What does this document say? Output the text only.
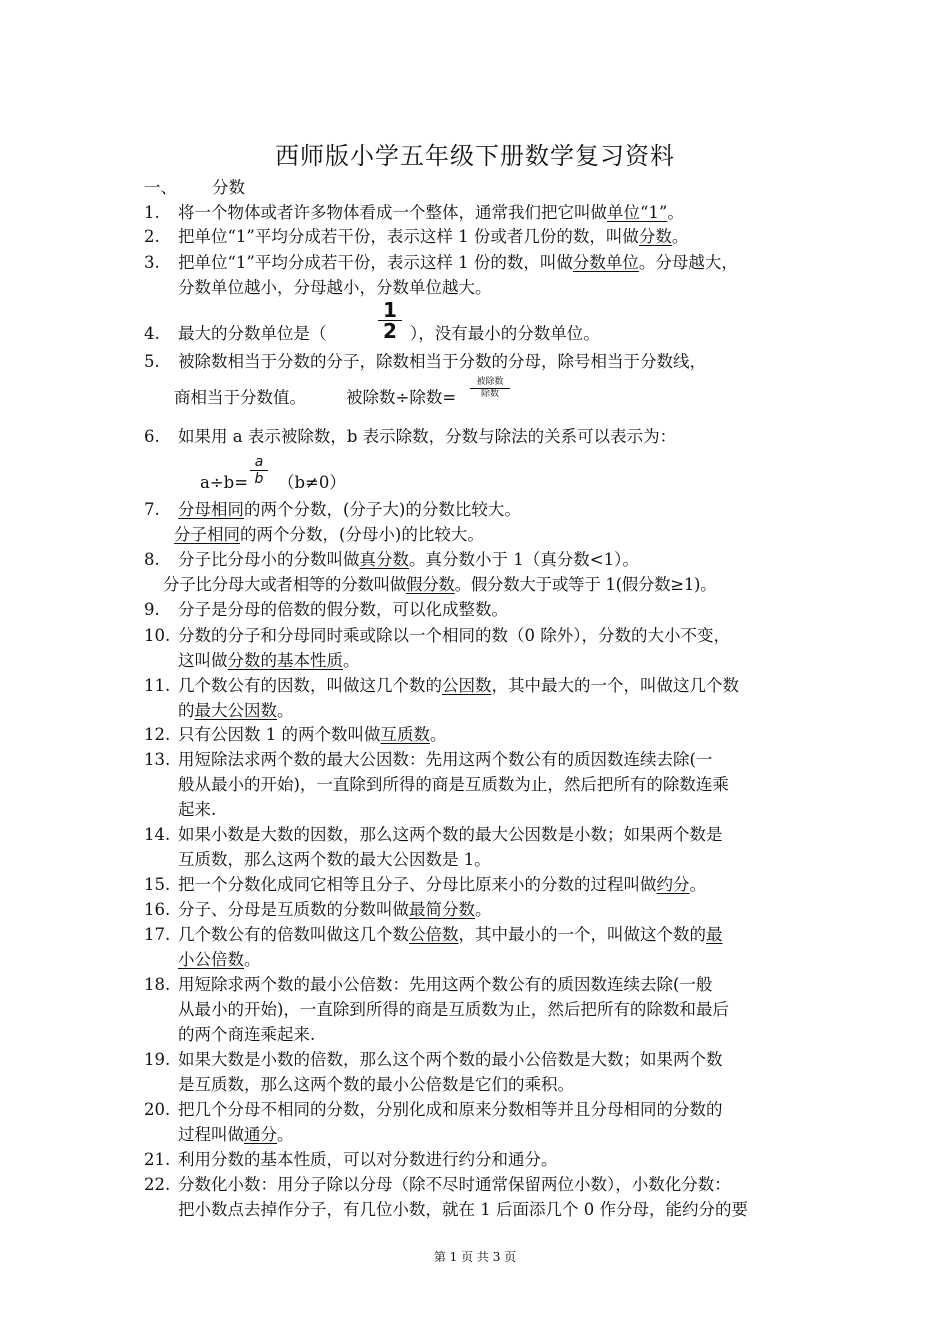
西师版小学五年级下册数学复习资料
一、 分数
1. 将一个物体或者许多物体看成一个整体，通常我们把它叫做单位“1”。
2. 把单位“1”平均分成若干份，表示这样 1 份或者几份的数，叫做分数。
3. 把单位“1”平均分成若干份，表示这样 1 份的数，叫做分数单位。分母越大，
分数单位越小，分母越小，分数单位越大。
4. 最大的分数单位是（	$\frac{1}{2}$ ），没有最小的分数单位。
5. 被除数相当于分数的分子，除数相当于分数的分母，除号相当于分数线，
商相当于分数值。 被除数÷除数=
被除数
除数
6. 如果用 a 表示被除数，b 表示除数，分数与除法的关系可以表示为：
$a\div b= \frac{a}{b} (b\ne 0)$
7. 分母相同的两个分数，(分子大)的分数比较大。
分子相同的两个分数，(分母小)的比较大。
8. 分子比分母小的分数叫做真分数。真分数小于 1（真分数<1）。
分子比分母大或者相等的分数叫做假分数。假分数大于或等于 1(假分数≥1)。
9. 分子是分母的倍数的假分数，可以化成整数。
10. 分数的分子和分母同时乘或除以一个相同的数（0 除外），分数的大小不变，
这叫做分数的基本性质。
11. 几个数公有的因数，叫做这几个数的公因数，其中最大的一个，叫做这几个数
的最大公因数。
12. 只有公因数 1 的两个数叫做互质数。
13. 用短除法求两个数的最大公因数：先用这两个数公有的质因数连续去除(一
般从最小的开始)，一直除到所得的商是互质数为止，然后把所有的除数连乘
起来.
14. 如果小数是大数的因数，那么这两个数的最大公因数是小数；如果两个数是
互质数，那么这两个数的最大公因数是 1。
15. 把一个分数化成同它相等且分子、分母比原来小的分数的过程叫做约分。
16. 分子、分母是互质数的分数叫做最简分数。
17. 几个数公有的倍数叫做这几个数公倍数，其中最小的一个，叫做这个数的最
小公倍数。
18. 用短除求两个数的最小公倍数：先用这两个数公有的质因数连续去除(一般
从最小的开始)，一直除到所得的商是互质数为止，然后把所有的除数和最后
的两个商连乘起来.
19. 如果大数是小数的倍数，那么这个两个数的最小公倍数是大数；如果两个数
是互质数，那么这两个数的最小公倍数是它们的乘积。
20. 把几个分母不相同的分数，分别化成和原来分数相等并且分母相同的分数的
过程叫做通分。
21. 利用分数的基本性质，可以对分数进行约分和通分。
22. 分数化小数：用分子除以分母（除不尽时通常保留两位小数），小数化分数：
把小数点去掉作分子，有几位小数，就在 1 后面添几个 0 作分母，能约分的要
第 1 页 共 3 页
